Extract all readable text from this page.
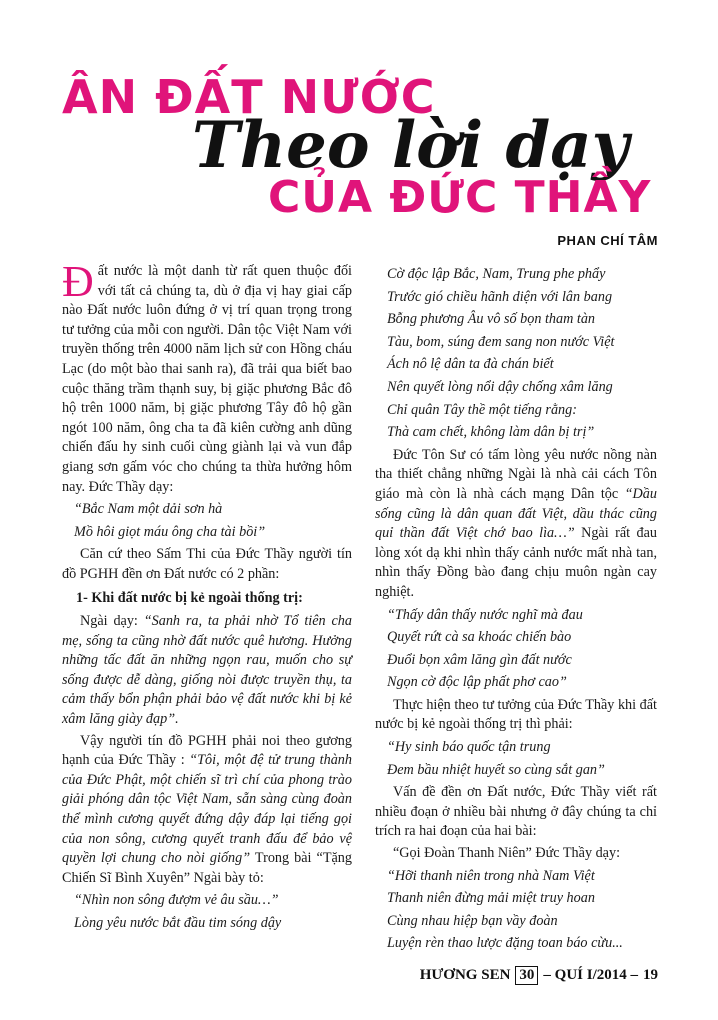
ÂN ĐẤT NƯỚC
Theo lời dạy
CỦA ĐỨC THẦY
PHAN CHÍ TÂM

Đất nước là một danh từ rất quen thuộc đối với tất cả chúng ta, dù ở địa vị hay giai cấp nào Đất nước luôn đứng ở vị trí quan trọng trong tư tưởng của mỗi con người. Dân tộc Việt Nam với truyền thống trên 4000 năm lịch sử con Hồng cháu Lạc (do một bào thai sanh ra), đã trải qua biết bao cuộc thăng trầm thạnh suy, bị giặc phương Bắc đô hộ trên 1000 năm, bị giặc phương Tây đô hộ gần ngót 100 năm, ông cha ta đã kiên cường anh dũng chiến đấu hy sinh cuối cùng giành lại và vun đắp giang sơn gấm vóc cho chúng ta thừa hưởng hôm nay. Đức Thầy dạy:

“Bắc Nam một dải sơn hà

Mồ hôi giọt máu ông cha tài bồi”

Căn cứ theo Sấm Thi của Đức Thầy người tín đồ PGHH đền ơn Đất nước có 2 phần:

1- Khi đất nước bị kẻ ngoài thống trị:

Ngài dạy: “Sanh ra, ta phải nhờ Tổ tiên cha mẹ, sống ta cũng nhờ đất nước quê hương. Hưởng những tấc đất ăn những ngọn rau, muốn cho sự sống được dễ dàng, giống nòi được truyền thụ, ta cảm thấy bổn phận phải bảo vệ đất nước khi bị kẻ xâm lăng giày đạp”.

Vậy người tín đồ PGHH phải noi theo gương hạnh của Đức Thầy : “Tôi, một đệ tử trung thành của Đức Phật, một chiến sĩ trì chí của phong trào giải phóng dân tộc Việt Nam, sẵn sàng cùng đoàn thể mình cương quyết đứng dậy đáp lại tiếng gọi của non sông, cương quyết tranh đấu để bảo vệ quyền lợi chung cho nòi giống” Trong bài “Tặng Chiến Sĩ Bình Xuyên” Ngài bày tỏ:

“Nhìn non sông đượm vẻ âu sầu…”

Lòng yêu nước bắt đầu tim sóng dậy

Cờ độc lập Bắc, Nam, Trung phe phẩy

Trước gió chiều hãnh diện với lân bang

Bỗng phương Âu vô số bọn tham tàn

Tàu, bom, súng đem sang non nước Việt

Ách nô lệ dân ta đà chán biết

Nên quyết lòng nổi dậy chống xâm lăng

Chỉ quân Tây thề một tiếng rằng:

Thà cam chết, không làm dân bị trị”

Đức Tôn Sư có tấm lòng yêu nước nồng nàn tha thiết chẳng những Ngài là nhà cải cách Tôn giáo mà còn là nhà cách mạng Dân tộc “Dầu sống cũng là dân quan đất Việt, dầu thác cũng quỉ thần đất Việt chớ bao lìa…” Ngài rất đau lòng xót dạ khi nhìn thấy cảnh nước mất nhà tan, nhìn thấy Đồng bào đang chịu muôn ngàn cay nghiệt.

“Thấy dân thấy nước nghĩ mà đau

Quyết rứt cà sa khoác chiến bào

Đuổi bọn xâm lăng gìn đất nước

Ngọn cờ độc lập phất phơ cao”

Thực hiện theo tư tưởng của Đức Thầy khi đất nước bị kẻ ngoài thống trị thì phải:

“Hy sinh báo quốc tận trung

Đem bầu nhiệt huyết so cùng sắt gan”

Vấn đề đền ơn Đất nước, Đức Thầy viết rất nhiều đoạn ở nhiều bài nhưng ở đây chúng ta chỉ trích ra hai đoạn của hai bài:

“Gọi Đoàn Thanh Niên” Đức Thầy dạy:

“Hỡi thanh niên trong nhà Nam Việt

Thanh niên đừng mải miệt truy hoan

Cùng nhau hiệp bạn vầy đoàn

Luyện rèn thao lược đặng toan báo cừu...

HƯƠNG SEN 30 – QUÍ I/2014 – 19
